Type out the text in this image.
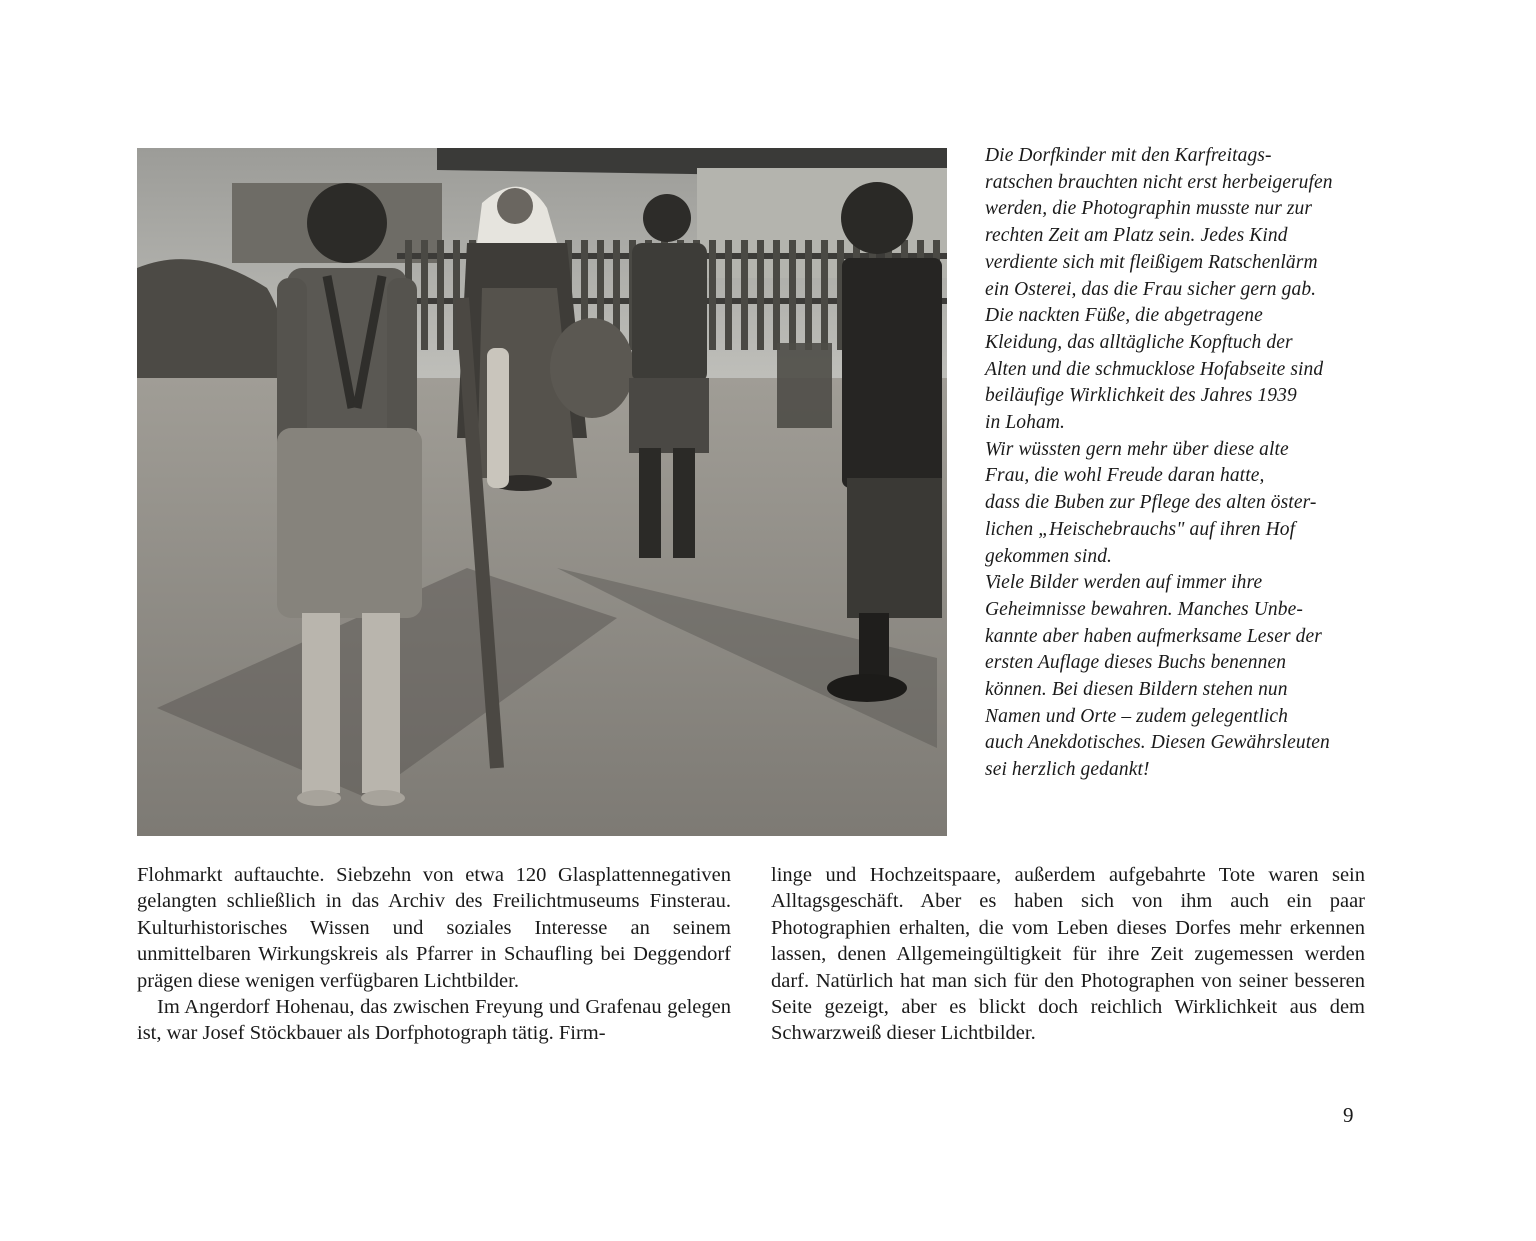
Die Dorfkinder mit den Karfreitags-

ratschen brauchten nicht erst herbeigerufen

werden, die Photographin musste nur zur

rechten Zeit am Platz sein. Jedes Kind

verdiente sich mit fleißigem Ratschenlärm

ein Osterei, das die Frau sicher gern gab.

Die nackten Füße, die abgetragene

Kleidung, das alltägliche Kopftuch der

Alten und die schmucklose Hofabseite sind

beiläufige Wirklichkeit des Jahres 1939

in Loham.

Wir wüssten gern mehr über diese alte

Frau, die wohl Freude daran hatte,

dass die Buben zur Pflege des alten öster-

lichen „Heischebrauchs" auf ihren Hof

gekommen sind.

Viele Bilder werden auf immer ihre

Geheimnisse bewahren. Manches Unbe-

kannte aber haben aufmerksame Leser der

ersten Auflage dieses Buchs benennen

können. Bei diesen Bildern stehen nun

Namen und Orte – zudem gelegentlich

auch Anekdotisches. Diesen Gewährsleuten

sei herzlich gedankt!

Flohmarkt auftauchte. Siebzehn von etwa 120 Glasplattennegativen gelangten schließlich in das Archiv des Freilichtmuseums Finsterau. Kulturhistorisches Wissen und soziales Interesse an seinem unmittelbaren Wirkungskreis als Pfarrer in Schaufling bei Deggendorf prägen diese wenigen verfügbaren Lichtbilder.

Im Angerdorf Hohenau, das zwischen Freyung und Grafenau gelegen ist, war Josef Stöckbauer als Dorfphotograph tätig. Firm-

linge und Hochzeitspaare, außerdem aufgebahrte Tote waren sein Alltagsgeschäft. Aber es haben sich von ihm auch ein paar Photographien erhalten, die vom Leben dieses Dorfes mehr erkennen lassen, denen Allgemeingültigkeit für ihre Zeit zugemessen werden darf. Natürlich hat man sich für den Photographen von seiner besseren Seite gezeigt, aber es blickt doch reichlich Wirklichkeit aus dem Schwarzweiß dieser Lichtbilder.

9
